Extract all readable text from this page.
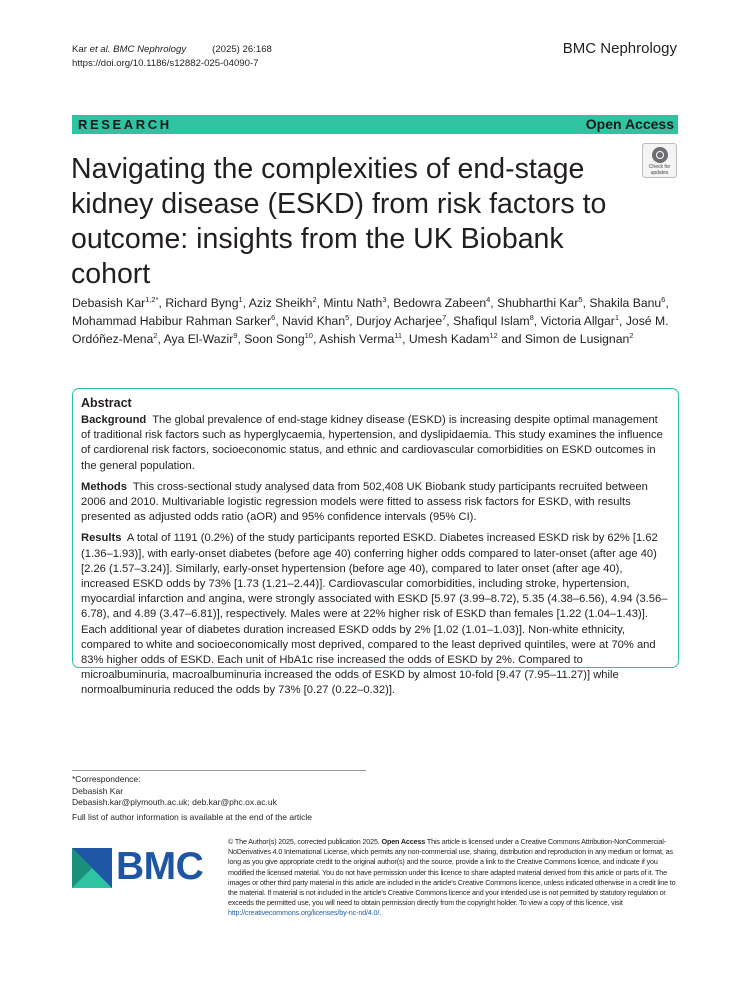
Kar et al. BMC Nephrology	(2025) 26:168
https://doi.org/10.1186/s12882-025-04090-7
BMC Nephrology
RESEARCH	Open Access
Navigating the complexities of end-stage kidney disease (ESKD) from risk factors to outcome: insights from the UK Biobank cohort
Check for updates
Debasish Kar$^{1,2*}$, Richard Byng$^1$, Aziz Sheikh$^2$, Mintu Nath$^3$, Bedowra Zabeen$^4$, Shubharthi Kar$^5$, Shakila Banu$^6$, Mohammad Habibur Rahman Sarker$^6$, Navid Khan$^5$, Durjoy Acharjee$^7$, Shafiqul Islam$^8$, Victoria Allgar$^1$, José M. Ordóñez-Mena$^2$, Aya El-Wazir$^9$, Soon Song$^{10}$, Ashish Verma$^{11}$, Umesh Kadam$^{12}$ and Simon de Lusignan$^2$
Abstract

Background The global prevalence of end-stage kidney disease (ESKD) is increasing despite optimal management of traditional risk factors such as hyperglycaemia, hypertension, and dyslipidaemia. This study examines the influence of cardiorenal risk factors, socioeconomic status, and ethnic and cardiovascular comorbidities on ESKD outcomes in the general population.

Methods This cross-sectional study analysed data from 502,408 UK Biobank study participants recruited between 2006 and 2010. Multivariable logistic regression models were fitted to assess risk factors for ESKD, with results presented as adjusted odds ratio (aOR) and 95% confidence intervals (95% CI).

Results A total of 1191 (0.2%) of the study participants reported ESKD. Diabetes increased ESKD risk by 62% [1.62 (1.36–1.93)], with early-onset diabetes (before age 40) conferring higher odds compared to later-onset (after age 40) [2.26 (1.57–3.24)]. Similarly, early-onset hypertension (before age 40), compared to later onset (after age 40), increased ESKD odds by 73% [1.73 (1.21–2.44)]. Cardiovascular comorbidities, including stroke, hypertension, myocardial infarction and angina, were strongly associated with ESKD [5.97 (3.99–8.72), 5.35 (4.38–6.56), 4.94 (3.56–6.78), and 4.89 (3.47–6.81)], respectively. Males were at 22% higher risk of ESKD than females [1.22 (1.04–1.43)]. Each additional year of diabetes duration increased ESKD odds by 2% [1.02 (1.01–1.03)]. Non-white ethnicity, compared to white and socioeconomically most deprived, compared to the least deprived quintiles, were at 70% and 83% higher odds of ESKD. Each unit of HbA1c rise increased the odds of ESKD by 2%. Compared to microalbuminuria, macroalbuminuria increased the odds of ESKD by almost 10-fold [9.47 (7.95–11.27)] while normoalbuminuria reduced the odds by 73% [0.27 (0.22–0.32)].

*Correspondence:
Debasish Kar
Debasish.kar@plymouth.ac.uk; deb.kar@phc.ox.ac.uk
Full list of author information is available at the end of the article
BMC
© The Author(s) 2025, corrected publication 2025. Open Access This article is licensed under a Creative Commons Attribution-NonCommercial-NoDerivatives 4.0 International License, which permits any non-commercial use, sharing, distribution and reproduction in any medium or format, as long as you give appropriate credit to the original author(s) and the source, provide a link to the Creative Commons licence, and indicate if you modified the licensed material. You do not have permission under this licence to share adapted material derived from this article or parts of it. The images or other third party material in this article are included in the article's Creative Commons licence, unless indicated otherwise in a credit line to the material. If material is not included in the article's Creative Commons licence and your intended use is not permitted by statutory regulation or exceeds the permitted use, you will need to obtain permission directly from the copyright holder. To view a copy of this licence, visit http://creativecommons.org/licenses/by-nc-nd/4.0/.
